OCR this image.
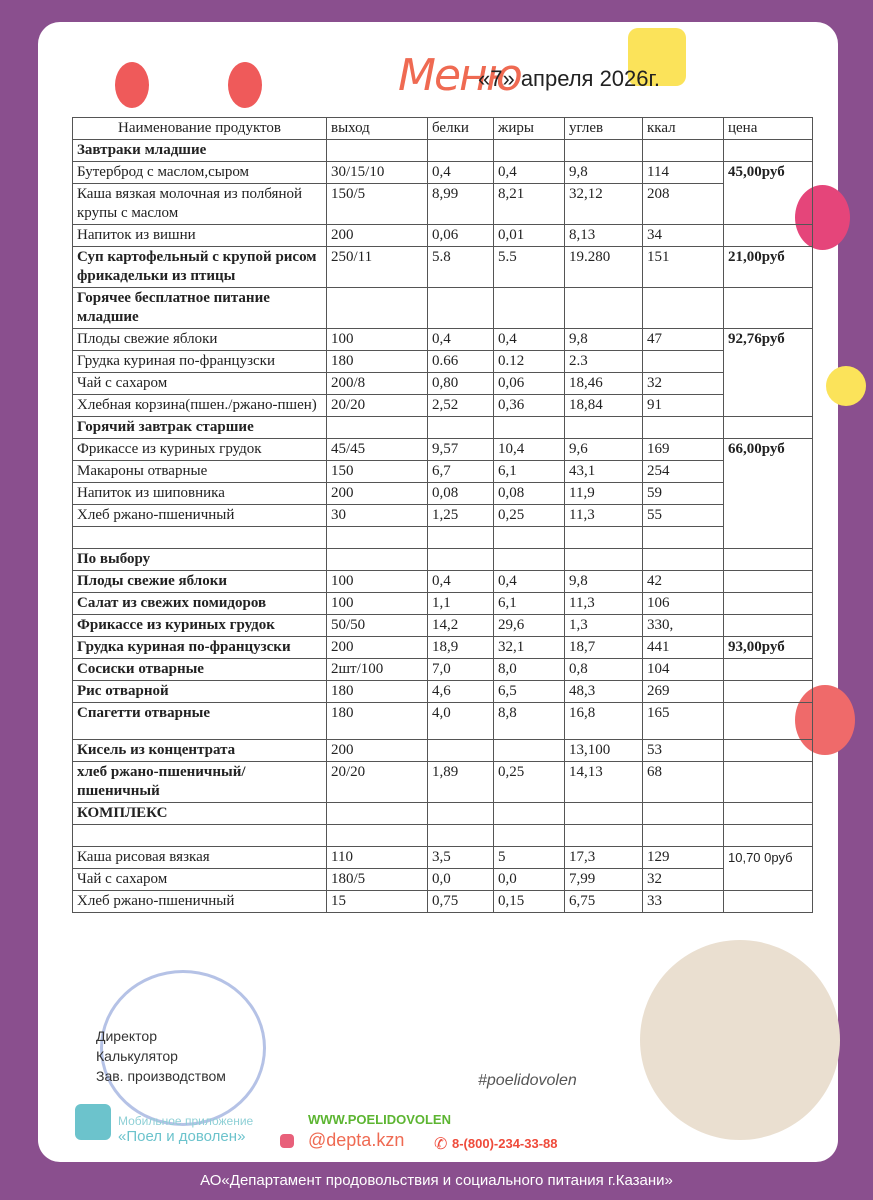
Меню
«7» апреля 2026г.
Наименование продуктов	выход	белки	жиры	углев	ккал	цена
Завтраки младшие						
Бутерброд с маслом,сыром	30/15/10	0,4	0,4	9,8	114	45,00руб
Каша вязкая молочная из полбяной крупы с маслом	150/5	8,99	8,21	32,12	208	
Напиток из вишни	200	0,06	0,01	8,13	34	
Суп картофельный с крупой рисом фрикадельки из птицы	250/11	5.8	5.5	19.280	151	21,00руб
Горячее бесплатное питание младшие						
Плоды свежие яблоки	100	0,4	0,4	9,8	47	92,76руб
Грудка куриная по-французски	180	0.66	0.12	2.3		
Чай с сахаром	200/8	0,80	0,06	18,46	32	
Хлебная корзина(пшен./ржано-пшен)	20/20	2,52	0,36	18,84	91	
Горячий завтрак старшие						
Фрикассе из куриных грудок	45/45	9,57	10,4	9,6	169	66,00руб
Макароны отварные	150	6,7	6,1	43,1	254	
Напиток из шиповника	200	0,08	0,08	11,9	59	
Хлеб ржано-пшеничный	30	1,25	0,25	11,3	55	

По выбору						
Плоды свежие яблоки	100	0,4	0,4	9,8	42	
Салат из свежих помидоров	100	1,1	6,1	11,3	106	
Фрикассе из куриных грудок	50/50	14,2	29,6	1,3	330,	
Грудка куриная по-французски	200	18,9	32,1	18,7	441	93,00руб
Сосиски отварные	2шт/100	7,0	8,0	0,8	104	
Рис отварной	180	4,6	6,5	48,3	269	
Спагетти отварные	180	4,0	8,8	16,8	165	
Кисель из концентрата	200			13,100	53	
хлеб ржано-пшеничный/пшеничный	20/20	1,89	0,25	14,13	68	
КОМПЛЕКС						

Каша рисовая вязкая	110	3,5	5	17,3	129	10,70 0руб
Чай с сахаром	180/5	0,0	0,0	7,99	32	
Хлеб ржано-пшеничный	15	0,75	0,15	6,75	33	
Директор
Калькулятор
Зав. производством
Мобильное приложение
«Поел и доволен»
WWW.POELIDOVOLEN
@depta.kzn ✆ 8-(800)-234-33-88
#poelidovolen
АО«Департамент продовольствия и социального питания г.Казани»
